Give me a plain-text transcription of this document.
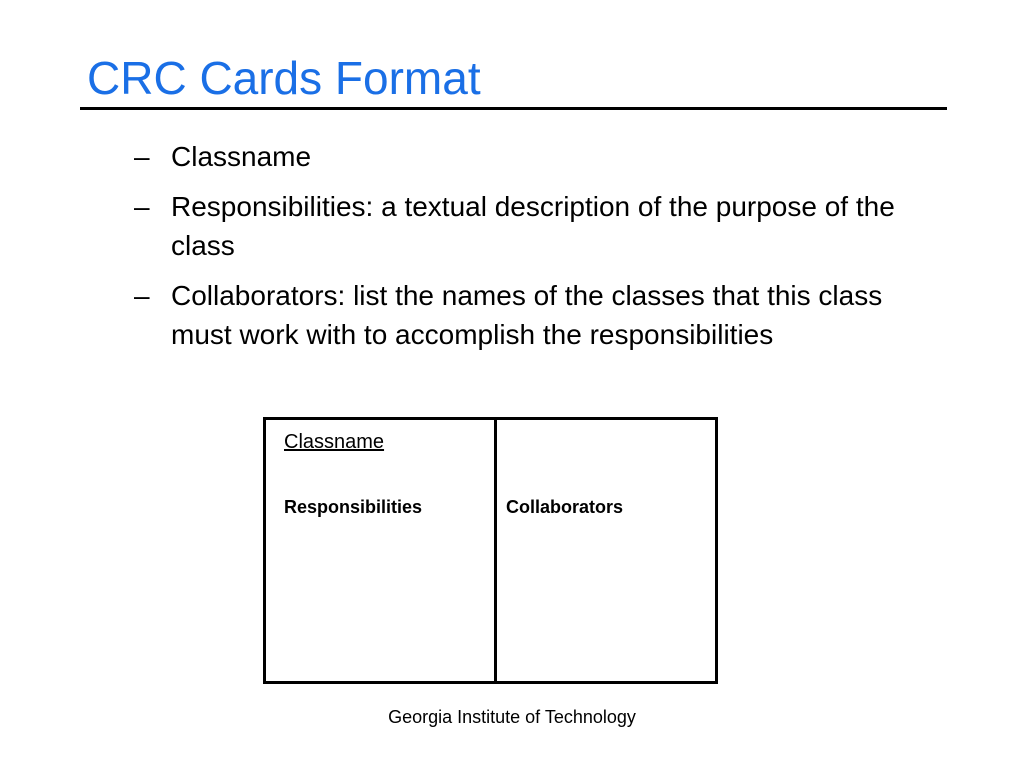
CRC Cards Format
– Classname
– Responsibilities: a textual description of the purpose of the class
– Collaborators: list the names of the classes that this class must work with to accomplish the responsibilities
Classname
Responsibilities	Collaborators
Georgia Institute of Technology
